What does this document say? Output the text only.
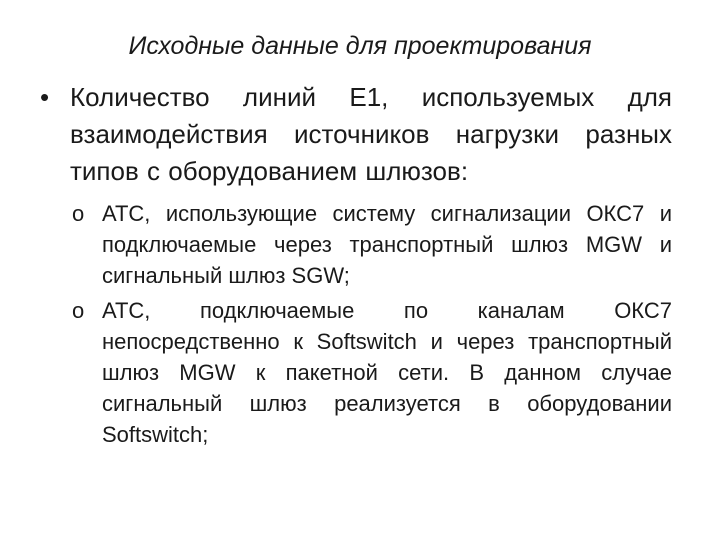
Исходные данные для проектирования
• Количество линий Е1, используемых для взаимодействия источников нагрузки разных типов с оборудованием шлюзов:
o АТС, использующие систему сигнализации ОКС7 и подключаемые через транспортный шлюз MGW и сигнальный шлюз SGW;
o АТС, подключаемые по каналам ОКС7 непосредственно к Softswitch и через транспортный шлюз MGW к пакетной сети. В данном случае сигнальный шлюз реализуется в оборудовании Softswitch;
